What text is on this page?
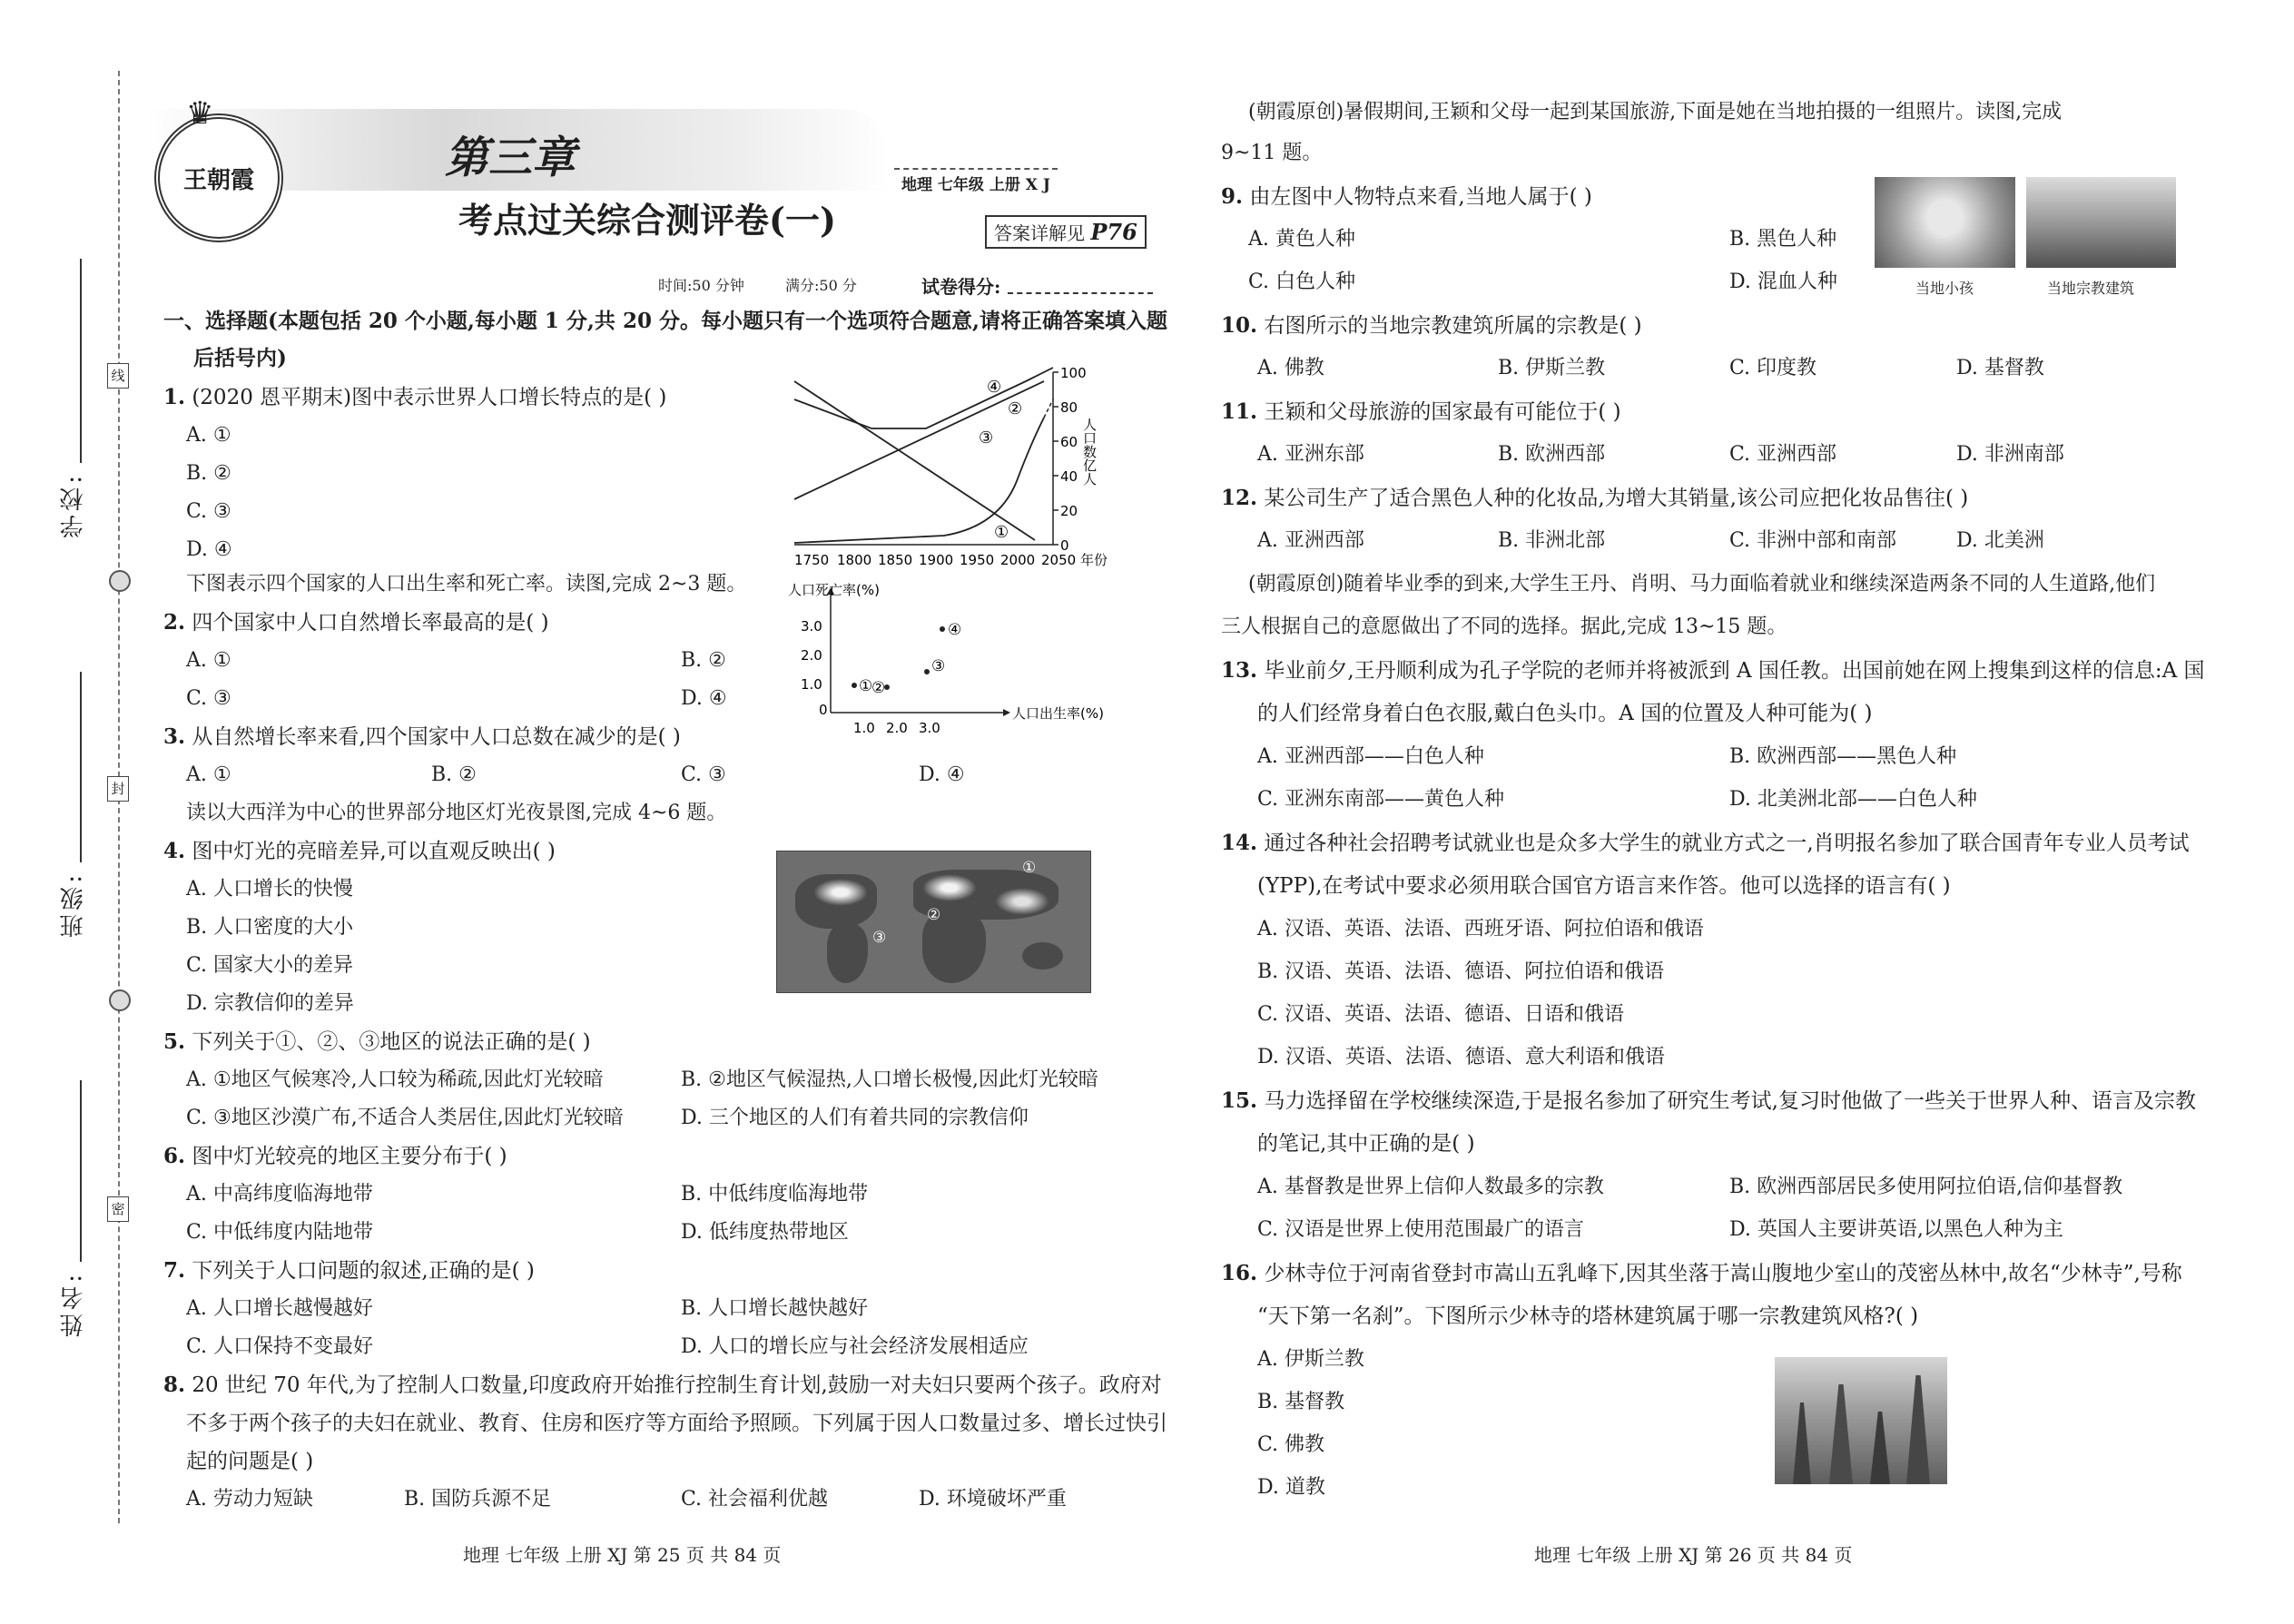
学校:
班级:
姓名:
线
封
密
王朝霞
♛
第三章
考点过关综合测评卷(一)
地理 七年级 上册 X J
答案详解见 P76
时间:50 分钟	满分:50 分	试卷得分:
一、选择题(本题包括 20 个小题,每小题 1 分,共 20 分。每小题只有一个选项符合题意,请将正确答案填入题
后括号内)
1. (2020 恩平期末)图中表示世界人口增长特点的是( )
A. ①
B. ②
C. ③
D. ④
100
80
60
40
20
0
人口数亿人
④
②
③
①
1750 1800 1850 1900 1950 2000 2050 年份
下图表示四个国家的人口出生率和死亡率。读图,完成 2~3 题。
2. 四个国家中人口自然增长率最高的是( )
A. ①	B. ②
C. ③	D. ④
人口死亡率(%)
人口出生率(%)
0
3.0
2.0
1.0
1.0 2.0 3.0
①
②
③
④
3. 从自然增长率来看,四个国家中人口总数在减少的是( )
A. ①	B. ②	C. ③	D. ④
读以大西洋为中心的世界部分地区灯光夜景图,完成 4~6 题。
4. 图中灯光的亮暗差异,可以直观反映出( )
A. 人口增长的快慢
B. 人口密度的大小
C. 国家大小的差异
D. 宗教信仰的差异
①
②
③
5. 下列关于①、②、③地区的说法正确的是( )
A. ①地区气候寒冷,人口较为稀疏,因此灯光较暗	B. ②地区气候湿热,人口增长极慢,因此灯光较暗
C. ③地区沙漠广布,不适合人类居住,因此灯光较暗	D. 三个地区的人们有着共同的宗教信仰
6. 图中灯光较亮的地区主要分布于( )
A. 中高纬度临海地带	B. 中低纬度临海地带
C. 中低纬度内陆地带	D. 低纬度热带地区
7. 下列关于人口问题的叙述,正确的是( )
A. 人口增长越慢越好	B. 人口增长越快越好
C. 人口保持不变最好	D. 人口的增长应与社会经济发展相适应
8. 20 世纪 70 年代,为了控制人口数量,印度政府开始推行控制生育计划,鼓励一对夫妇只要两个孩子。政府对
不多于两个孩子的夫妇在就业、教育、住房和医疗等方面给予照顾。下列属于因人口数量过多、增长过快引
起的问题是( )
A. 劳动力短缺	B. 国防兵源不足	C. 社会福利优越	D. 环境破坏严重
地理 七年级 上册 XJ 第 25 页 共 84 页
(朝霞原创)暑假期间,王颖和父母一起到某国旅游,下面是她在当地拍摄的一组照片。读图,完成
9~11 题。
9. 由左图中人物特点来看,当地人属于( )
A. 黄色人种	B. 黑色人种
C. 白色人种	D. 混血人种	当地小孩	当地宗教建筑
10. 右图所示的当地宗教建筑所属的宗教是( )
A. 佛教	B. 伊斯兰教	C. 印度教	D. 基督教
11. 王颖和父母旅游的国家最有可能位于( )
A. 亚洲东部	B. 欧洲西部	C. 亚洲西部	D. 非洲南部
12. 某公司生产了适合黑色人种的化妆品,为增大其销量,该公司应把化妆品售往( )
A. 亚洲西部	B. 非洲北部	C. 非洲中部和南部	D. 北美洲
(朝霞原创)随着毕业季的到来,大学生王丹、肖明、马力面临着就业和继续深造两条不同的人生道路,他们
三人根据自己的意愿做出了不同的选择。据此,完成 13~15 题。
13. 毕业前夕,王丹顺利成为孔子学院的老师并将被派到 A 国任教。出国前她在网上搜集到这样的信息:A 国
的人们经常身着白色衣服,戴白色头巾。A 国的位置及人种可能为( )
A. 亚洲西部——白色人种	B. 欧洲西部——黑色人种
C. 亚洲东南部——黄色人种	D. 北美洲北部——白色人种
14. 通过各种社会招聘考试就业也是众多大学生的就业方式之一,肖明报名参加了联合国青年专业人员考试
(YPP),在考试中要求必须用联合国官方语言来作答。他可以选择的语言有( )
A. 汉语、英语、法语、西班牙语、阿拉伯语和俄语
B. 汉语、英语、法语、德语、阿拉伯语和俄语
C. 汉语、英语、法语、德语、日语和俄语
D. 汉语、英语、法语、德语、意大利语和俄语
15. 马力选择留在学校继续深造,于是报名参加了研究生考试,复习时他做了一些关于世界人种、语言及宗教
的笔记,其中正确的是( )
A. 基督教是世界上信仰人数最多的宗教	B. 欧洲西部居民多使用阿拉伯语,信仰基督教
C. 汉语是世界上使用范围最广的语言	D. 英国人主要讲英语,以黑色人种为主
16. 少林寺位于河南省登封市嵩山五乳峰下,因其坐落于嵩山腹地少室山的茂密丛林中,故名“少林寺”,号称
“天下第一名刹”。下图所示少林寺的塔林建筑属于哪一宗教建筑风格?( )
A. 伊斯兰教
B. 基督教
C. 佛教
D. 道教
地理 七年级 上册 XJ 第 26 页 共 84 页
